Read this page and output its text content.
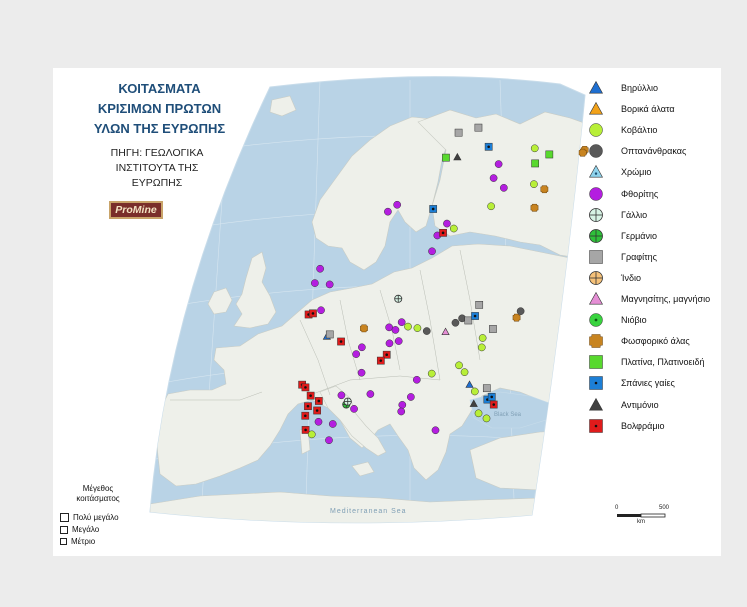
Black Sea
Mediterranean Sea
ΚΟΙΤΑΣΜΑΤΑ
ΚΡΙΣΙΜΩΝ ΠΡΩΤΩΝ
ΥΛΩΝ ΤΗΣ ΕΥΡΩΠΗΣ
ΠΗΓΗ: ΓΕΩΛΟΓΙΚΑ
ΙΝΣΤΙΤΟΥΤΑ ΤΗΣ
ΕΥΡΩΠΗΣ
ProMine
Βηρύλλιο
Βορικά άλατα
Κοβάλτιο
Οπτανάνθρακας
Χρώμιο
Φθορίτης
Γάλλιο
Γερμάνιο
Γραφίτης
Ίνδιο
Μαγνησίτης, μαγνήσιο
Νιόβιο
Φωσφορικό άλας
Πλατίνα, Πλατινοειδή
Σπάνιες γαίες
Αντιμόνιο
Βολφράμιο
Μέγεθος
κοιτάσματος
Πολύ μεγάλο
Μεγάλο
Μέτριο
0	500
km
